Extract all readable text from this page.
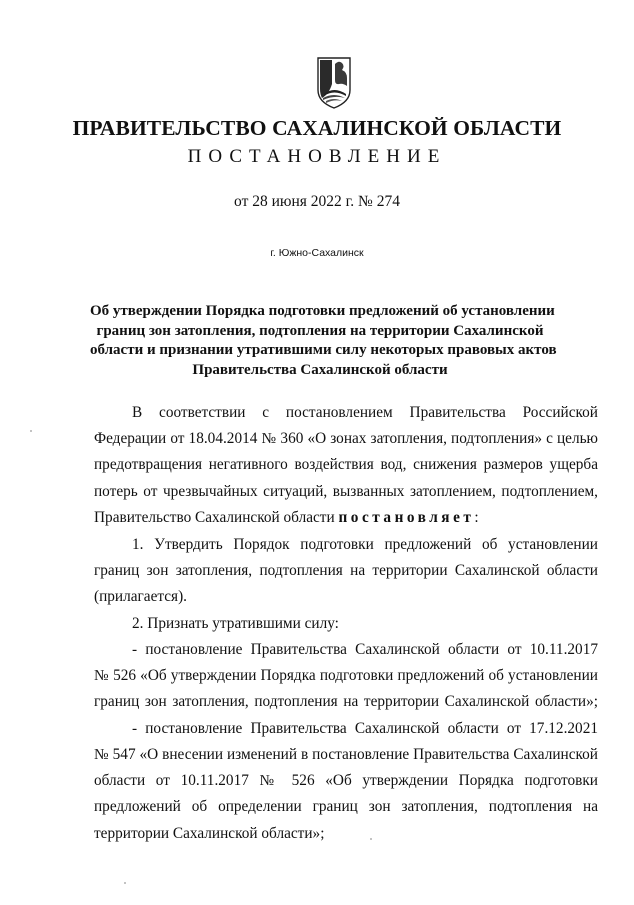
ПРАВИТЕЛЬСТВО САХАЛИНСКОЙ ОБЛАСТИ
ПОСТАНОВЛЕНИЕ
от 28 июня 2022 г. № 274
г. Южно-Сахалинск
Об утверждении Порядка подготовки предложений об установлении
границ зон затопления, подтопления на территории Сахалинской
области и признании утратившими силу некоторых правовых актов
Правительства Сахалинской области
В соответствии с постановлением Правительства Российской
Федерации от 18.04.2014 № 360 «О зонах затопления, подтопления» с целью
предотвращения негативного воздействия вод, снижения размеров ущерба
потерь от чрезвычайных ситуаций, вызванных затоплением, подтоплением,
Правительство Сахалинской области постановляет:
1. Утвердить Порядок подготовки предложений об установлении
границ зон затопления, подтопления на территории Сахалинской области
(прилагается).
2. Признать утратившими силу:
- постановление Правительства Сахалинской области от 10.11.2017
№ 526 «Об утверждении Порядка подготовки предложений об установлении
границ зон затопления, подтопления на территории Сахалинской области»;
- постановление Правительства Сахалинской области от 17.12.2021
№ 547 «О внесении изменений в постановление Правительства Сахалинской
области от 10.11.2017 № 526 «Об утверждении Порядка подготовки
предложений об определении границ зон затопления, подтопления на
территории Сахалинской области»;
